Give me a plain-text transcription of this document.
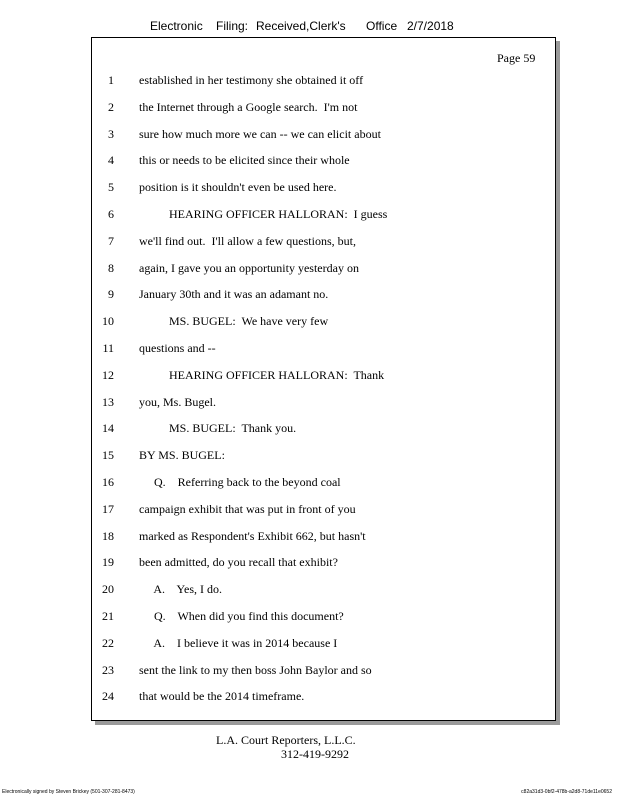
Electronic Filing: Received,Clerk's Office 2/7/2018
Page 59
1 established in her testimony she obtained it off
2 the Internet through a Google search.  I'm not
3 sure how much more we can -- we can elicit about
4 this or needs to be elicited since their whole
5 position is it shouldn't even be used here.
6 HEARING OFFICER HALLORAN:  I guess
7 we'll find out.  I'll allow a few questions, but,
8 again, I gave you an opportunity yesterday on
9 January 30th and it was an adamant no.
10 MS. BUGEL:  We have very few
11 questions and --
12 HEARING OFFICER HALLORAN:  Thank
13 you, Ms. Bugel.
14 MS. BUGEL:  Thank you.
15 BY MS. BUGEL:
16 Q.    Referring back to the beyond coal
17 campaign exhibit that was put in front of you
18 marked as Respondent's Exhibit 662, but hasn't
19 been admitted, do you recall that exhibit?
20 A.    Yes, I do.
21 Q.    When did you find this document?
22 A.    I believe it was in 2014 because I
23 sent the link to my then boss John Baylor and so
24 that would be the 2014 timeframe.
L.A. Court Reporters, L.L.C.
312-419-9292
Electronically signed by Steven Brickey (501-307-281-8473)	c82a31d3-0bf2-478b-a2d8-71de11e0652
